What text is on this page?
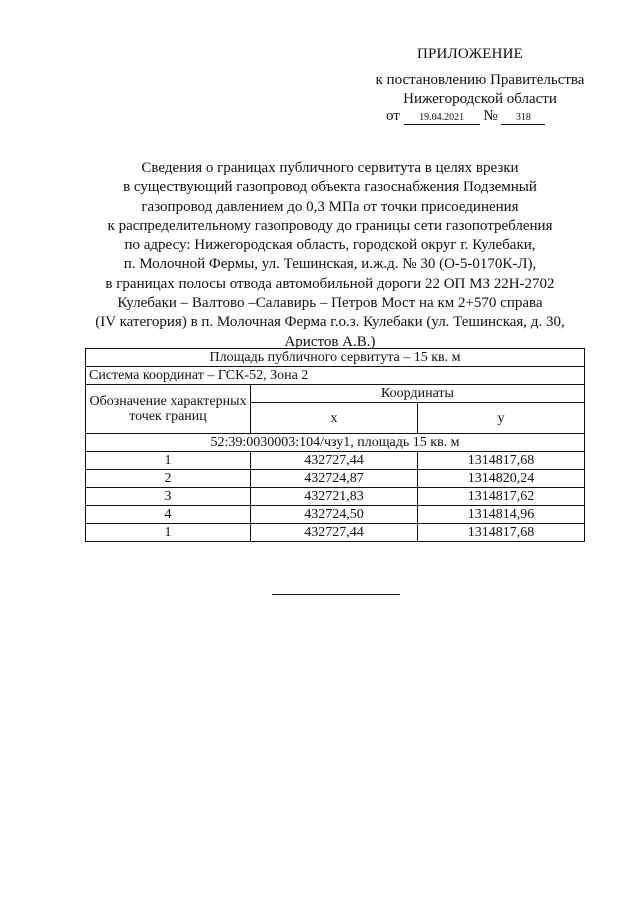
ПРИЛОЖЕНИЕ
к постановлению Правительства
Нижегородской области
от 19.04.2021 № 318
Сведения о границах публичного сервитута в целях врезки
в существующий газопровод объекта газоснабжения Подземный
газопровод давлением до 0,3 МПа от точки присоединения
к распределительному газопроводу до границы сети газопотребления
по адресу: Нижегородская область, городской округ г. Кулебаки,
п. Молочной Фермы, ул. Тешинская, и.ж.д. № 30 (О-5-0170К-Л),
в границах полосы отвода автомобильной дороги 22 ОП МЗ 22Н-2702
Кулебаки – Валтово –Салавирь – Петров Мост на км 2+570 справа
(IV категория) в п. Молочная Ферма г.о.з. Кулебаки (ул. Тешинская, д. 30,
Аристов А.В.)
Площадь публичного сервитута – 15 кв. м		
Система координат – ГСК-52, Зона 2		
Обозначение характерных точек границ	Координаты	
	x	y
52:39:0030003:104/чзу1, площадь 15 кв. м		
1	432727,44	1314817,68
2	432724,87	1314820,24
3	432721,83	1314817,62
4	432724,50	1314814,96
1	432727,44	1314817,68
